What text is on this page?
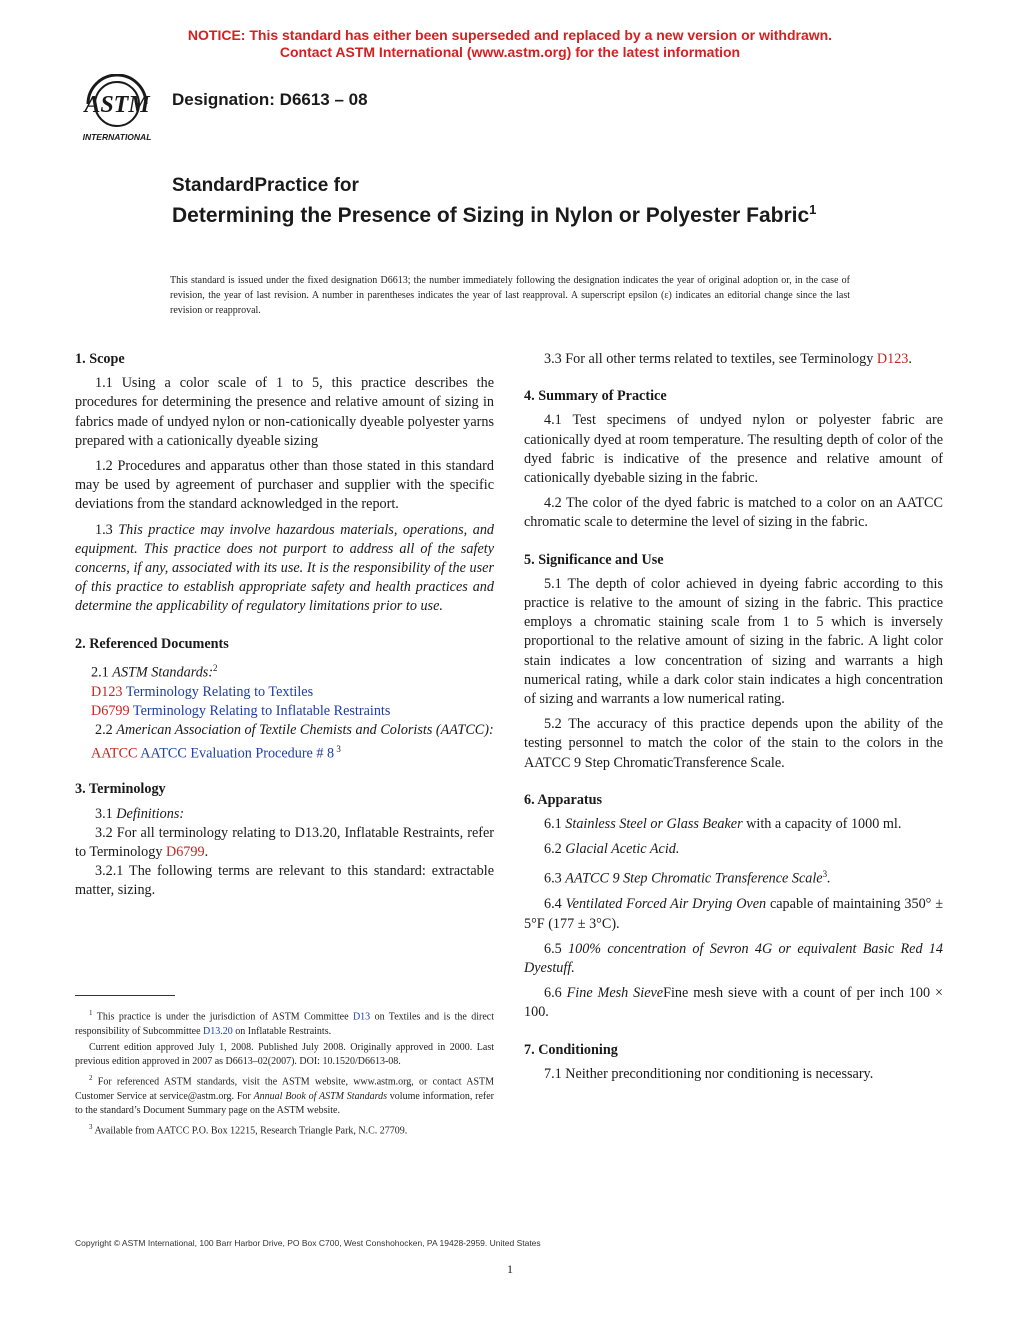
NOTICE: This standard has either been superseded and replaced by a new version or withdrawn.
Contact ASTM International (www.astm.org) for the latest information
ASTM
INTERNATIONAL
Designation: D6613 – 08
StandardPractice for
Determining the Presence of Sizing in Nylon or Polyester Fabric$^1$
This standard is issued under the fixed designation D6613; the number immediately following the designation indicates the year of original adoption or, in the case of revision, the year of last revision. A number in parentheses indicates the year of last reapproval. A superscript epsilon (ε) indicates an editorial change since the last revision or reapproval.
1. Scope

1.1 Using a color scale of 1 to 5, this practice describes the procedures for determining the presence and relative amount of sizing in fabrics made of undyed nylon or non-cationically dyeable polyester yarns prepared with a cationically dyeable sizing

1.2 Procedures and apparatus other than those stated in this standard may be used by agreement of purchaser and supplier with the specific deviations from the standard acknowledged in the report.

1.3 This practice may involve hazardous materials, operations, and equipment. This practice does not purport to address all of the safety concerns, if any, associated with its use. It is the responsibility of the user of this practice to establish appropriate safety and health practices and determine the applicability of regulatory limitations prior to use.

2. Referenced Documents

2.1 ASTM Standards:$^2$

D123 Terminology Relating to Textiles
D6799 Terminology Relating to Inflatable Restraints

2.2 American Association of Textile Chemists and Colorists (AATCC):

AATCC AATCC Evaluation Procedure # 8 $^3$
3. Terminology

3.1 Definitions:

3.2 For all terminology relating to D13.20, Inflatable Restraints, refer to Terminology D6799.

3.2.1 The following terms are relevant to this standard: extractable matter, sizing.

$^1$ This practice is under the jurisdiction of ASTM Committee D13 on Textiles and is the direct responsibility of Subcommittee D13.20 on Inflatable Restraints.

Current edition approved July 1, 2008. Published July 2008. Originally approved in 2000. Last previous edition approved in 2007 as D6613–02(2007). DOI: 10.1520/D6613-08.

$^2$ For referenced ASTM standards, visit the ASTM website, www.astm.org, or contact ASTM Customer Service at service@astm.org. For Annual Book of ASTM Standards volume information, refer to the standard’s Document Summary page on the ASTM website.

$^3$ Available from AATCC P.O. Box 12215, Research Triangle Park, N.C. 27709.

3.3 For all other terms related to textiles, see Terminology D123.

4. Summary of Practice

4.1 Test specimens of undyed nylon or polyester fabric are cationically dyed at room temperature. The resulting depth of color of the dyed fabric is indicative of the presence and relative amount of cationically dyebable sizing in the fabric.

4.2 The color of the dyed fabric is matched to a color on an AATCC chromatic scale to determine the level of sizing in the fabric.

5. Significance and Use

5.1 The depth of color achieved in dyeing fabric according to this practice is relative to the amount of sizing in the fabric. This practice employs a chromatic staining scale from 1 to 5 which is inversely proportional to the relative amount of sizing in the fabric. A light color stain indicates a low concentration of sizing and warrants a high numerical rating, while a dark color stain indicates a high concentration of sizing and warrants a low numerical rating.

5.2 The accuracy of this practice depends upon the ability of the testing personnel to match the color of the stain to the colors in the AATCC 9 Step ChromaticTransference Scale.

6. Apparatus

6.1 Stainless Steel or Glass Beaker with a capacity of 1000 ml.

6.2 Glacial Acetic Acid.

6.3 AATCC 9 Step Chromatic Transference Scale$^3$.

6.4 Ventilated Forced Air Drying Oven capable of maintaining 350° ± 5°F (177 ± 3°C).

6.5 100% concentration of Sevron 4G or equivalent Basic Red 14 Dyestuff.

6.6 Fine Mesh SieveFine mesh sieve with a count of per inch 100 × 100.

7. Conditioning

7.1 Neither preconditioning nor conditioning is necessary.

Copyright © ASTM International, 100 Barr Harbor Drive, PO Box C700, West Conshohocken, PA 19428-2959. United States
1
